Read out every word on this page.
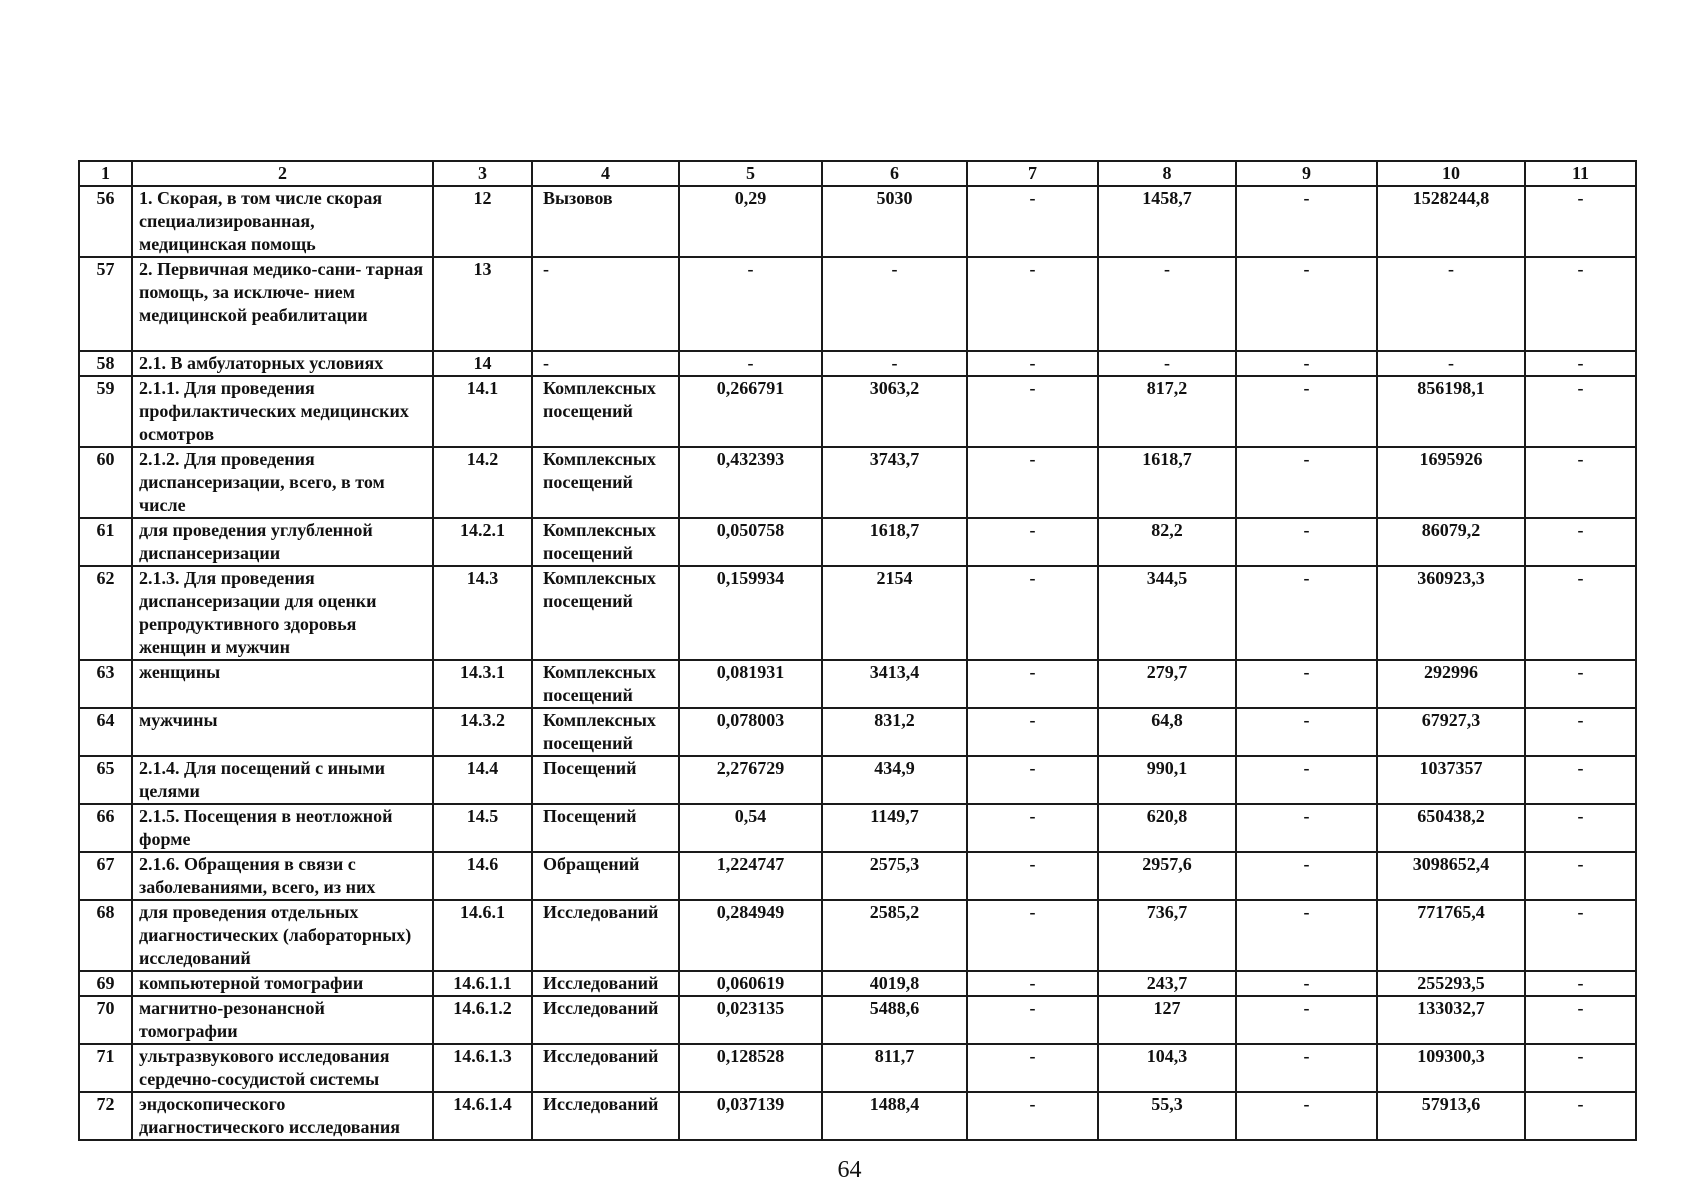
1	2	3	4	5	6	7	8	9	10	11
56	1. Скорая, в том числе скорая специализированная, медицинская помощь	12	Вызовов	0,29	5030	-	1458,7	-	1528244,8	-
57	2. Первичная медико-сани- тарная помощь, за исключе- нием медицинской реабилитации	13	-	-	-	-	-	-	-	-
58	2.1. В амбулаторных условиях	14	-	-	-	-	-	-	-	-
59	2.1.1. Для проведения профилактических медицинских осмотров	14.1	Комплексных посещений	0,266791	3063,2	-	817,2	-	856198,1	-
60	2.1.2. Для проведения диспансеризации, всего, в том числе	14.2	Комплексных посещений	0,432393	3743,7	-	1618,7	-	1695926	-
61	для проведения углубленной диспансеризации	14.2.1	Комплексных посещений	0,050758	1618,7	-	82,2	-	86079,2	-
62	2.1.3. Для проведения диспансеризации для оценки репродуктивного здоровья женщин и мужчин	14.3	Комплексных посещений	0,159934	2154	-	344,5	-	360923,3	-
63	женщины	14.3.1	Комплексных посещений	0,081931	3413,4	-	279,7	-	292996	-
64	мужчины	14.3.2	Комплексных посещений	0,078003	831,2	-	64,8	-	67927,3	-
65	2.1.4. Для посещений с иными целями	14.4	Посещений	2,276729	434,9	-	990,1	-	1037357	-
66	2.1.5. Посещения в неотложной форме	14.5	Посещений	0,54	1149,7	-	620,8	-	650438,2	-
67	2.1.6. Обращения в связи с заболеваниями, всего, из них	14.6	Обращений	1,224747	2575,3	-	2957,6	-	3098652,4	-
68	для проведения отдельных диагностических (лабораторных) исследований	14.6.1	Исследований	0,284949	2585,2	-	736,7	-	771765,4	-
69	компьютерной томографии	14.6.1.1	Исследований	0,060619	4019,8	-	243,7	-	255293,5	-
70	магнитно-резонансной томографии	14.6.1.2	Исследований	0,023135	5488,6	-	127	-	133032,7	-
71	ультразвукового исследования сердечно-сосудистой системы	14.6.1.3	Исследований	0,128528	811,7	-	104,3	-	109300,3	-
72	эндоскопического диагностического исследования	14.6.1.4	Исследований	0,037139	1488,4	-	55,3	-	57913,6	-
64
